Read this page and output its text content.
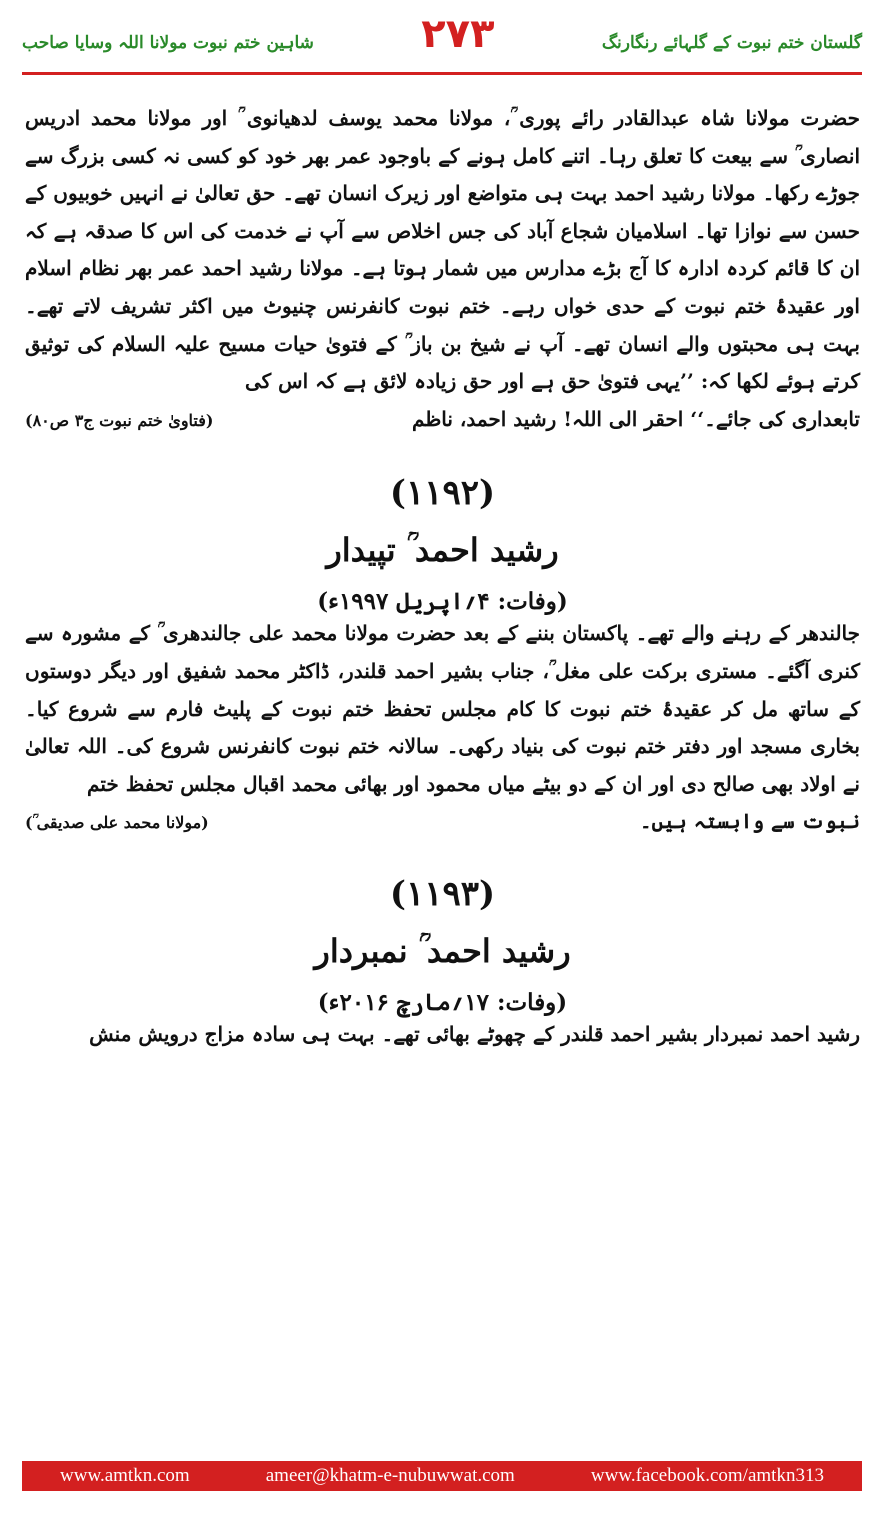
گلستان ختم نبوت کے گلہائے رنگارنگ
۲۷۳
شاہین ختم نبوت مولانا اللہ وسایا صاحب

حضرت مولانا شاہ عبدالقادر رائے پوری ؒ، مولانا محمد یوسف لدھیانوی ؒ اور مولانا محمد ادریس انصاری ؒ سے بیعت کا تعلق رہا۔ اتنے کامل ہونے کے باوجود عمر بھر خود کو کسی نہ کسی بزرگ سے جوڑے رکھا۔ مولانا رشید احمد بہت ہی متواضع اور زیرک انسان تھے۔ حق تعالیٰ نے انہیں خوبیوں کے حسن سے نوازا تھا۔ اسلامیان شجاع آباد کی جس اخلاص سے آپ نے خدمت کی اس کا صدقہ ہے کہ ان کا قائم کردہ ادارہ کا آج بڑے مدارس میں شمار ہوتا ہے۔ مولانا رشید احمد عمر بھر نظام اسلام اور عقیدۂ ختم نبوت کے حدی خواں رہے۔ ختم نبوت کانفرنس چنیوٹ میں اکثر تشریف لاتے تھے۔ بہت ہی محبتوں والے انسان تھے۔ آپ نے شیخ بن باز ؒ کے فتویٰ حیات مسیح علیہ السلام کی توثیق کرتے ہوئے لکھا کہ: ’’یہی فتویٰ حق ہے اور حق زیادہ لائق ہے کہ اس کی

تابعداری کی جائے۔‘‘ احقر الی اللہ! رشید احمد، ناظم
(فتاویٰ ختم نبوت ج۳ ص۸۰)

(۱۱۹۲)

رشید احمد ؒ تپیدار

(وفات: ۴؍اپریل ۱۹۹۷ء)

جالندھر کے رہنے والے تھے۔ پاکستان بننے کے بعد حضرت مولانا محمد علی جالندھری ؒ کے مشورہ سے کنری آگئے۔ مستری برکت علی مغل ؒ، جناب بشیر احمد قلندر، ڈاکٹر محمد شفیق اور دیگر دوستوں کے ساتھ مل کر عقیدۂ ختم نبوت کا کام مجلس تحفظ ختم نبوت کے پلیٹ فارم سے شروع کیا۔ بخاری مسجد اور دفتر ختم نبوت کی بنیاد رکھی۔ سالانہ ختم نبوت کانفرنس شروع کی۔ اللہ تعالیٰ نے اولاد بھی صالح دی اور ان کے دو بیٹے میاں محمود اور بھائی محمد اقبال مجلس تحفظ ختم

نبوت سے وابستہ ہیں۔
(مولانا محمد علی صدیقی ؒ)

(۱۱۹۳)

رشید احمد ؒ نمبردار

(وفات: ۱۷؍مارچ ۲۰۱۶ء)

رشید احمد نمبردار بشیر احمد قلندر کے چھوٹے بھائی تھے۔ بہت ہی سادہ مزاج درویش منش

www.amtkn.com	ameer@khatm-e-nubuwwat.com	www.facebook.com/amtkn313
